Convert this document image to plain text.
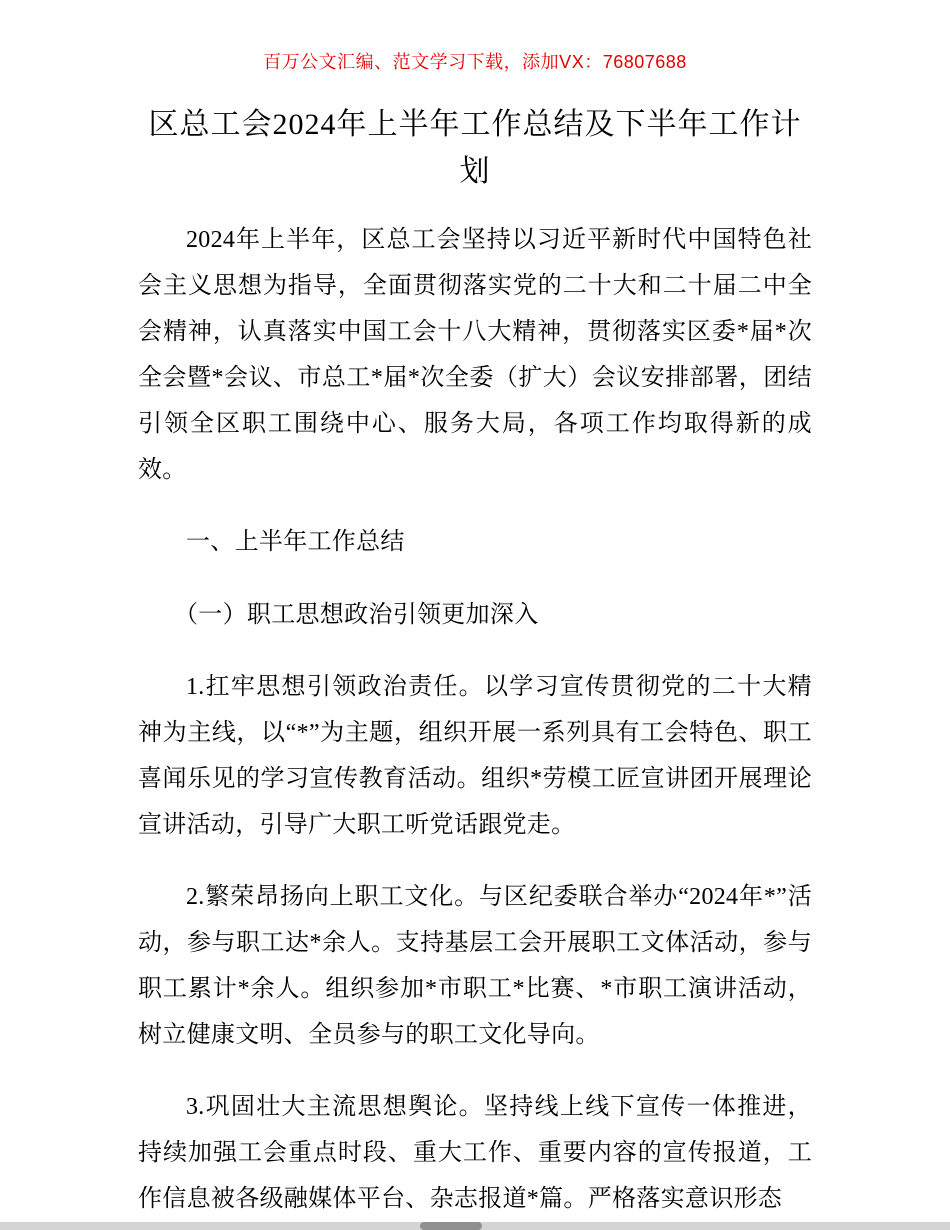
百万公文汇编、范文学习下载，添加VX：76807688
区总工会2024年上半年工作总结及下半年工作计划

2024年上半年，区总工会坚持以习近平新时代中国特色社会主义思想为指导，全面贯彻落实党的二十大和二十届二中全会精神，认真落实中国工会十八大精神，贯彻落实区委*届*次全会暨*会议、市总工*届*次全委（扩大）会议安排部署，团结引领全区职工围绕中心、服务大局，各项工作均取得新的成效。

一、上半年工作总结

（一）职工思想政治引领更加深入

1.扛牢思想引领政治责任。以学习宣传贯彻党的二十大精神为主线，以“*”为主题，组织开展一系列具有工会特色、职工喜闻乐见的学习宣传教育活动。组织*劳模工匠宣讲团开展理论宣讲活动，引导广大职工听党话跟党走。

2.繁荣昂扬向上职工文化。与区纪委联合举办“2024年*”活动，参与职工达*余人。支持基层工会开展职工文体活动，参与职工累计*余人。组织参加*市职工*比赛、*市职工演讲活动，树立健康文明、全员参与的职工文化导向。

3.巩固壮大主流思想舆论。坚持线上线下宣传一体推进，持续加强工会重点时段、重大工作、重要内容的宣传报道，工作信息被各级融媒体平台、杂志报道*篇。严格落实意识形态
